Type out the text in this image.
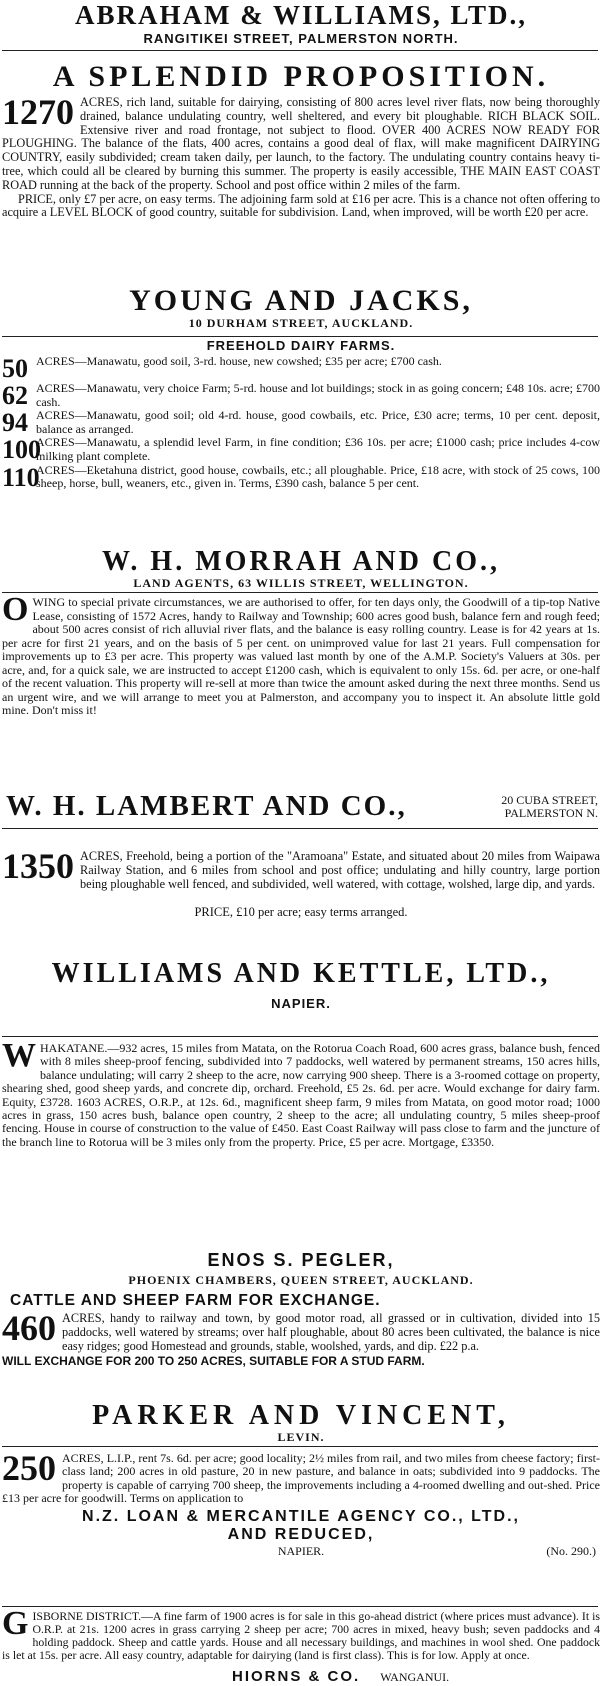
ABRAHAM & WILLIAMS, LTD.,
RANGITIKEI STREET, PALMERSTON NORTH.
A SPLENDID PROPOSITION.
1270 ACRES, rich land, suitable for dairying, consisting of 800 acres level river flats, now being thoroughly drained, balance undulating country, well sheltered, and every bit ploughable. RICH BLACK SOIL. Extensive river and road frontage, not subject to flood. OVER 400 ACRES NOW READY FOR PLOUGHING. The balance of the flats, 400 acres, contains a good deal of flax, will make magnificent DAIRYING COUNTRY, easily subdivided; cream taken daily, per launch, to the factory. The undulating country contains heavy ti-tree, which could all be cleared by burning this summer. The property is easily accessible, THE MAIN EAST COAST ROAD running at the back of the property. School and post office within 2 miles of the farm.

PRICE, only £7 per acre, on easy terms. The adjoining farm sold at £16 per acre. This is a chance not often offering to acquire a LEVEL BLOCK of good country, suitable for subdivision. Land, when improved, will be worth £20 per acre.

YOUNG AND JACKS,
10 DURHAM STREET, AUCKLAND.
FREEHOLD DAIRY FARMS.
50 ACRES—Manawatu, good soil, 3-rd. house, new cowshed; £35 per acre; £700 cash.
62 ACRES—Manawatu, very choice Farm; 5-rd. house and lot buildings; stock in as going concern; £48 10s. acre; £700 cash.
94 ACRES—Manawatu, good soil; old 4-rd. house, good cowbails, etc. Price, £30 acre; terms, 10 per cent. deposit, balance as arranged.
100
ACRES—Manawatu, a splendid level Farm, in fine condition; £36 10s. per acre; £1000 cash; price includes 4-cow milking plant complete.
110
ACRES—Eketahuna district, good house, cowbails, etc.; all ploughable. Price, £18 acre, with stock of 25 cows, 100 sheep, horse, bull, weaners, etc., given in. Terms, £390 cash, balance 5 per cent.
W. H. MORRAH AND CO.,
LAND AGENTS, 63 WILLIS STREET, WELLINGTON.
O WING to special private circumstances, we are authorised to offer, for ten days only, the Goodwill of a tip-top Native Lease, consisting of 1572 Acres, handy to Railway and Township; 600 acres good bush, balance fern and rough feed; about 500 acres consist of rich alluvial river flats, and the balance is easy rolling country. Lease is for 42 years at 1s. per acre for first 21 years, and on the basis of 5 per cent. on unimproved value for last 21 years. Full compensation for improvements up to £3 per acre. This property was valued last month by one of the A.M.P. Society's Valuers at 30s. per acre, and, for a quick sale, we are instructed to accept £1200 cash, which is equivalent to only 15s. 6d. per acre, or one-half of the recent valuation. This property will re-sell at more than twice the amount asked during the next three months. Send us an urgent wire, and we will arrange to meet you at Palmerston, and accompany you to inspect it. An absolute little gold mine. Don't miss it!

W. H. LAMBERT AND CO.,	20 CUBA STREET,
PALMERSTON N.
1350 ACRES, Freehold, being a portion of the "Aramoana" Estate, and situated about 20 miles from Waipawa Railway Station, and 6 miles from school and post office; undulating and hilly country, large portion being ploughable well fenced, and subdivided, well watered, with cottage, wolshed, large dip, and yards.

PRICE, £10 per acre; easy terms arranged.
WILLIAMS AND KETTLE, LTD.,
NAPIER.
W HAKATANE.—932 acres, 15 miles from Matata, on the Rotorua Coach Road, 600 acres grass, balance bush, fenced with 8 miles sheep-proof fencing, subdivided into 7 paddocks, well watered by permanent streams, 150 acres hills, balance undulating; will carry 2 sheep to the acre, now carrying 900 sheep. There is a 3-roomed cottage on property, shearing shed, good sheep yards, and concrete dip, orchard. Freehold, £5 2s. 6d. per acre. Would exchange for dairy farm. Equity, £3728. 1603 ACRES, O.R.P., at 12s. 6d., magnificent sheep farm, 9 miles from Matata, on good motor road; 1000 acres in grass, 150 acres bush, balance open country, 2 sheep to the acre; all undulating country, 5 miles sheep-proof fencing. House in course of construction to the value of £450. East Coast Railway will pass close to farm and the juncture of the branch line to Rotorua will be 3 miles only from the property. Price, £5 per acre. Mortgage, £3350.

ENOS S. PEGLER,
PHOENIX CHAMBERS, QUEEN STREET, AUCKLAND.
CATTLE AND SHEEP FARM FOR EXCHANGE.
460 ACRES, handy to railway and town, by good motor road, all grassed or in cultivation, divided into 15 paddocks, well watered by streams; over half ploughable, about 80 acres been cultivated, the balance is nice easy ridges; good Homestead and grounds, stable, woolshed, yards, and dip. £22 p.a.

WILL EXCHANGE FOR 200 TO 250 ACRES, SUITABLE FOR A STUD FARM.
PARKER AND VINCENT,
LEVIN.
250 ACRES, L.I.P., rent 7s. 6d. per acre; good locality; 2½ miles from rail, and two miles from cheese factory; first-class land; 200 acres in old pasture, 20 in new pasture, and balance in oats; subdivided into 9 paddocks. The property is capable of carrying 700 sheep, the improvements including a 4-roomed dwelling and out-shed. Price £13 per acre for goodwill. Terms on application to

N.Z. LOAN & MERCANTILE AGENCY CO., LTD.,
AND REDUCED,
NAPIER.	(No. 290.)
G ISBORNE DISTRICT.—A fine farm of 1900 acres is for sale in this go-ahead district (where prices must advance). It is O.R.P. at 21s. 1200 acres in grass carrying 2 sheep per acre; 700 acres in mixed, heavy bush; seven paddocks and 4 holding paddock. Sheep and cattle yards. House and all necessary buildings, and machines in wool shed. One paddock is let at 15s. per acre. All easy country, adaptable for dairying (land is first class). This is for low. Apply at once.

HIORNS & CO. WANGANUI.
